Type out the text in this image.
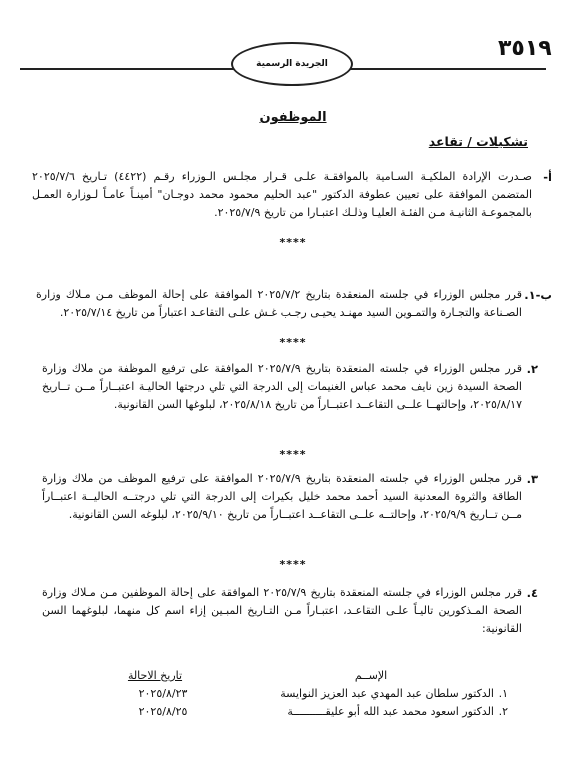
الجريدة الرسمية
٣٥١٩
الموظفون
تشكيلات / تقاعد
أ-
صـدرت الإرادة الملكيـة السـامية بالموافقـة علـى قـرار مجلـس الـوزراء رقـم (٤٤٢٢) تـاريخ ٢٠٢٥/٧/٦ المتضمن الموافقة على تعيين عطوفة الدكتور "عبد الحليم محمود محمد دوجـان" أمينـاً عامـاً لـوزارة العمـل بالمجموعـة الثانيـة مـن الفئـة العليـا وذلـك اعتبـارا من تاريخ ٢٠٢٥/٧/٩.
****
ب-١.
قرر مجلس الوزراء في جلسته المنعقدة بتاريخ ٢٠٢٥/٧/٢ الموافقة على إحالة الموظف مـن مـلاك وزارة الصـناعة والتجـارة والتمـوين السيد مهنـد يحيـى رجـب غـش علـى التقاعـد اعتباراً من تاريخ ٢٠٢٥/٧/١٤.
****
٢.
قرر مجلس الوزراء في جلسته المنعقدة بتاريخ ٢٠٢٥/٧/٩ الموافقة على ترفيع الموظفة من ملاك وزارة الصحة السيدة زين نايف محمد عباس الغنيمات إلى الدرجة التي تلي درجتها الحاليـة اعتبــاراً مــن تــاريخ ٢٠٢٥/٨/١٧، وإحالتهــا علــى التقاعــد اعتبــاراً من تاريخ ٢٠٢٥/٨/١٨، لبلوغها السن القانونية.
****
٣.
قرر مجلس الوزراء في جلسته المنعقدة بتاريخ ٢٠٢٥/٧/٩ الموافقة على ترفيع الموظف من ملاك وزارة الطاقة والثروة المعدنية السيد أحمد محمد خليل بكيرات إلى الدرجة التي تلي درجتــه الحاليــة اعتبــاراً مــن تــاريخ ٢٠٢٥/٩/٩، وإحالتــه علــى التقاعــد اعتبــاراً من تاريخ ٢٠٢٥/٩/١٠، لبلوغه السن القانونية.
****
٤.
قرر مجلس الوزراء في جلسته المنعقدة بتاريخ ٢٠٢٥/٧/٩ الموافقة على إحالة الموظفين مـن مـلاك وزارة الصحة المـذكورين تاليـاً علـى التقاعـد، اعتبـاراً مـن التـاريخ المبـين إزاء اسم كل منهما، لبلوغهما السن القانونية:
الإســم
تاريخ الاحالة
١.
الدكتور سلطان عبد المهدي عبد العزيز النوايسة
٢٠٢٥/٨/٢٣
٢.
الدكتور اسعود محمد عبد الله أبو عليقــــــــــة
٢٠٢٥/٨/٢٥
